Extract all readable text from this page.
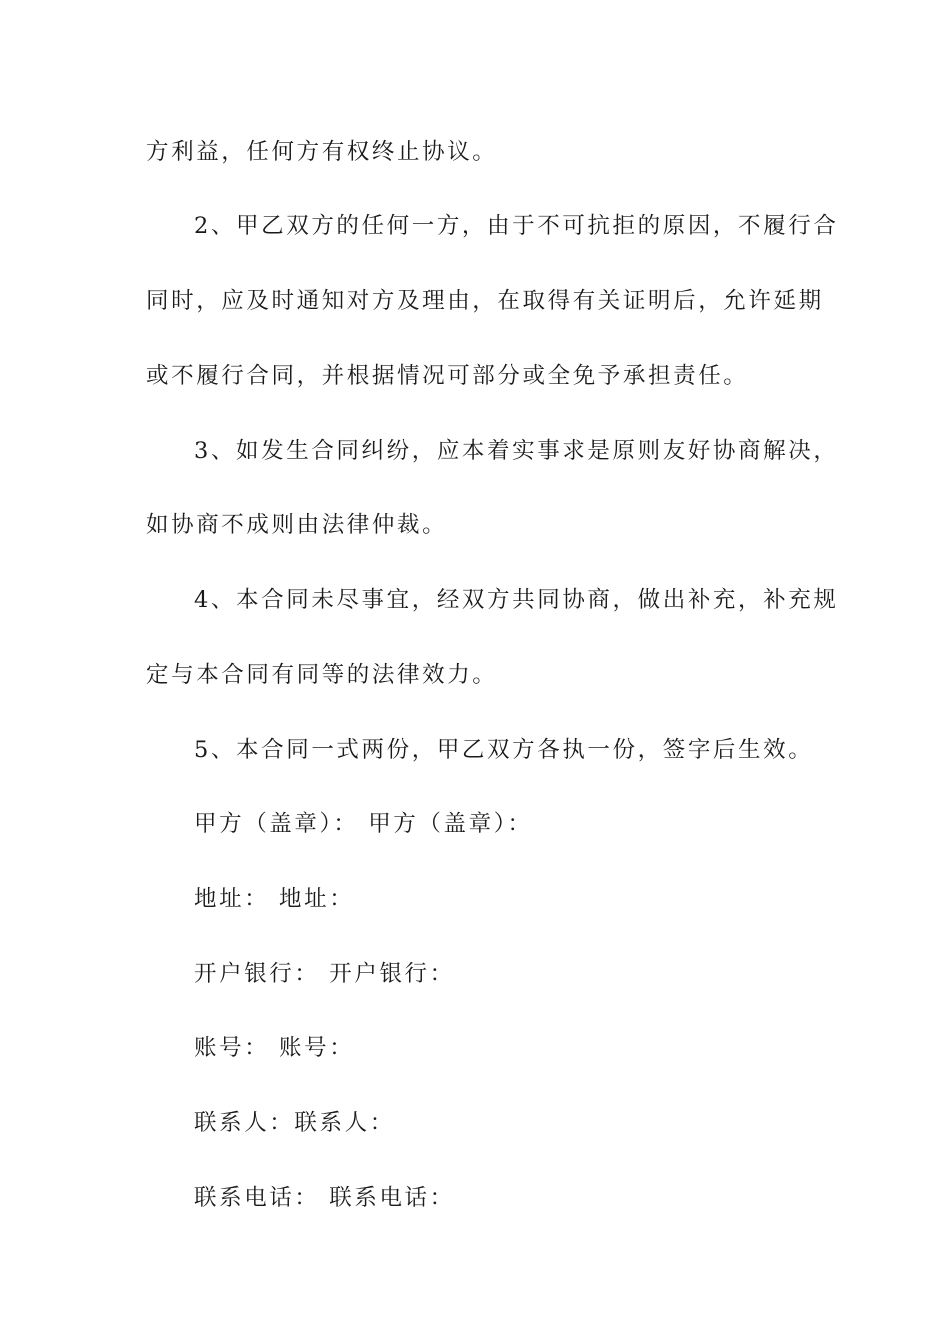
方利益，任何方有权终止协议。
2、甲乙双方的任何一方，由于不可抗拒的原因，不履行合
同时，应及时通知对方及理由，在取得有关证明后，允许延期
或不履行合同，并根据情况可部分或全免予承担责任。
3、如发生合同纠纷，应本着实事求是原则友好协商解决，
如协商不成则由法律仲裁。
4、本合同未尽事宜，经双方共同协商，做出补充，补充规
定与本合同有同等的法律效力。
5、本合同一式两份，甲乙双方各执一份，签字后生效。
甲方（盖章）： 甲方（盖章）：
地址： 地址：
开户银行： 开户银行：
账号： 账号：
联系人：联系人：
联系电话： 联系电话：
